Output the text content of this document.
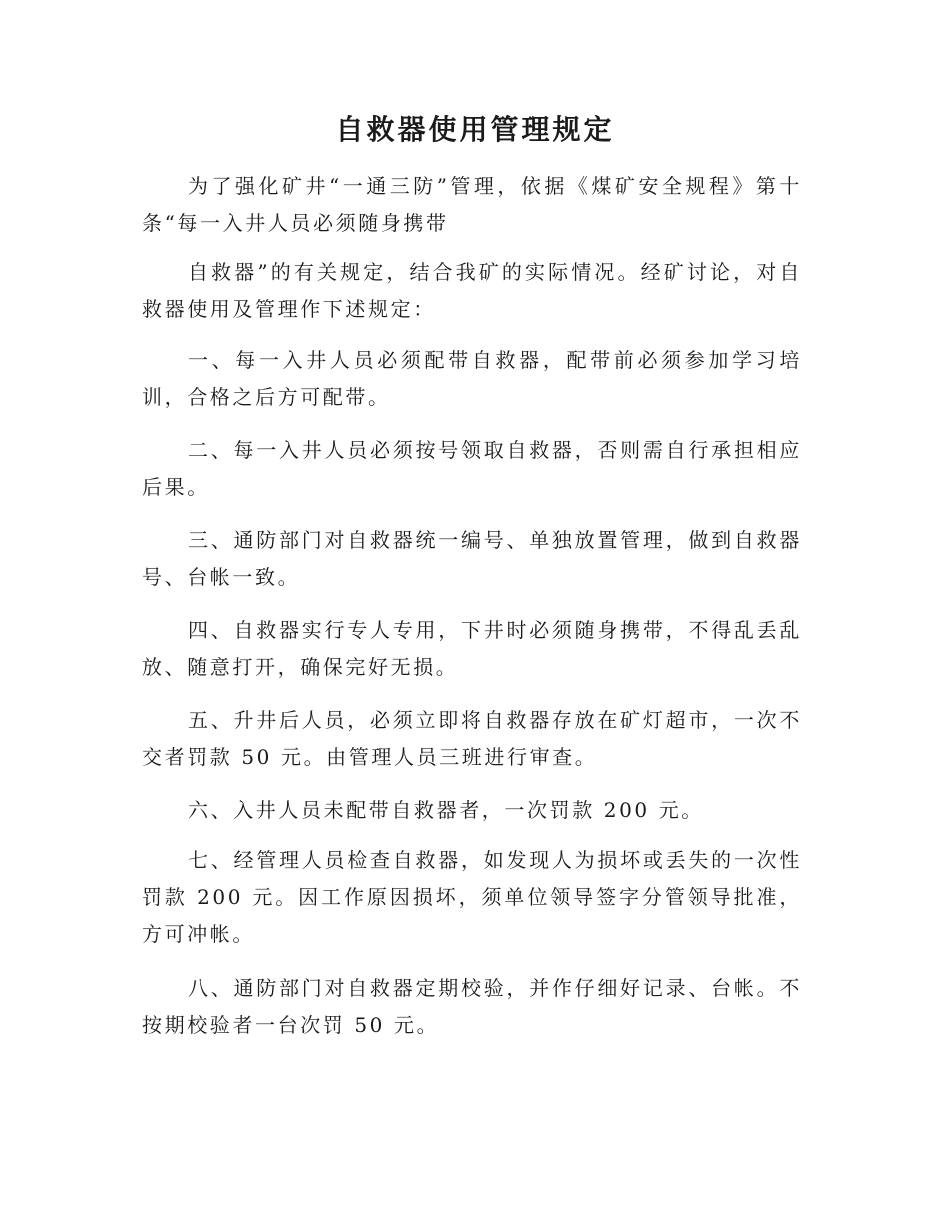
自救器使用管理规定

为了强化矿井“一通三防”管理，依据《煤矿安全规程》第十条“每一入井人员必须随身携带

自救器”的有关规定，结合我矿的实际情况。经矿讨论，对自救器使用及管理作下述规定：

一、每一入井人员必须配带自救器，配带前必须参加学习培训，合格之后方可配带。

二、每一入井人员必须按号领取自救器，否则需自行承担相应后果。

三、通防部门对自救器统一编号、单独放置管理，做到自救器号、台帐一致。

四、自救器实行专人专用，下井时必须随身携带，不得乱丢乱放、随意打开，确保完好无损。

五、升井后人员，必须立即将自救器存放在矿灯超市，一次不交者罚款 50 元。由管理人员三班进行审查。

六、入井人员未配带自救器者，一次罚款 200 元。

七、经管理人员检查自救器，如发现人为损坏或丢失的一次性罚款 200 元。因工作原因损坏，须单位领导签字分管领导批准，方可冲帐。

八、通防部门对自救器定期校验，并作仔细好记录、台帐。不按期校验者一台次罚 50 元。
